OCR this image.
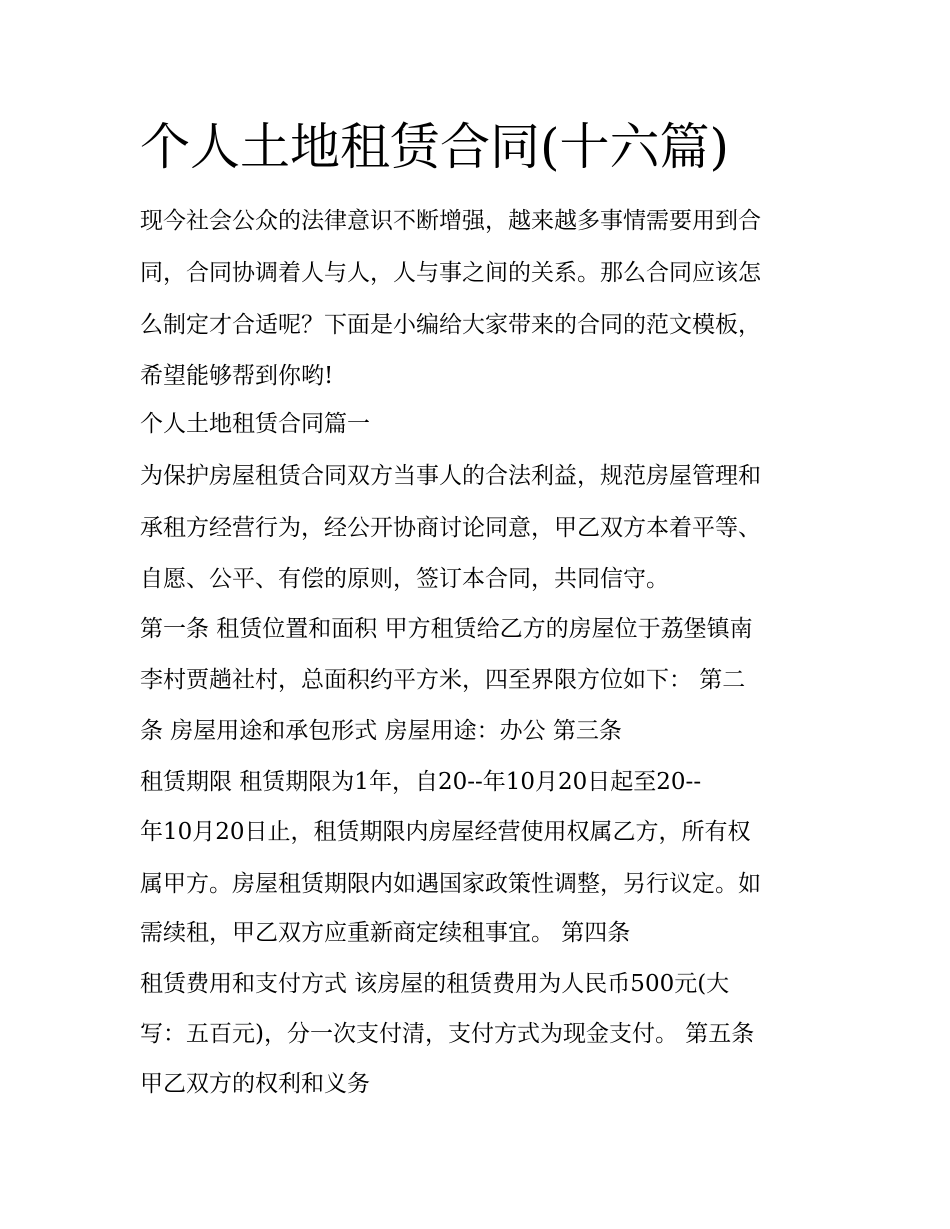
个人土地租赁合同(十六篇)

现今社会公众的法律意识不断增强，越来越多事情需要用到合

同，合同协调着人与人，人与事之间的关系。那么合同应该怎

么制定才合适呢？下面是小编给大家带来的合同的范文模板，

希望能够帮到你哟!

个人土地租赁合同篇一

为保护房屋租赁合同双方当事人的合法利益，规范房屋管理和

承租方经营行为，经公开协商讨论同意，甲乙双方本着平等、

自愿、公平、有偿的原则，签订本合同，共同信守。

第一条 租赁位置和面积 甲方租赁给乙方的房屋位于荔堡镇南

李村贾趟社村，总面积约平方米，四至界限方位如下： 第二

条 房屋用途和承包形式 房屋用途：办公 第三条

租赁期限 租赁期限为1年，自20--年10月20日起至20--

年10月20日止，租赁期限内房屋经营使用权属乙方，所有权

属甲方。房屋租赁期限内如遇国家政策性调整，另行议定。如

需续租，甲乙双方应重新商定续租事宜。 第四条

租赁费用和支付方式 该房屋的租赁费用为人民币500元(大

写：五百元)，分一次支付清，支付方式为现金支付。 第五条

甲乙双方的权利和义务
